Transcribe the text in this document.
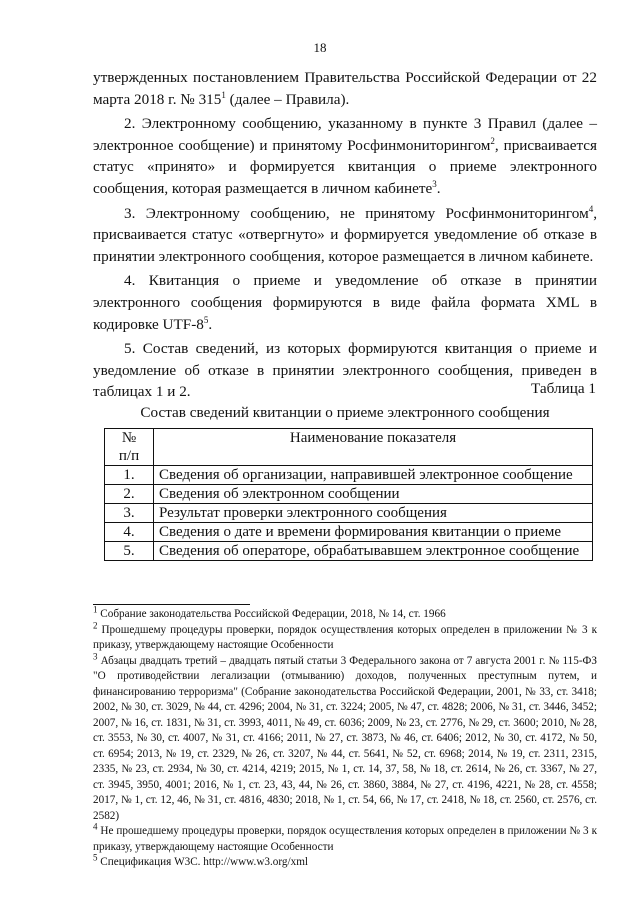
18

утвержденных постановлением Правительства Российской Федерации от 22 марта 2018 г. № $315^1$ (далее – Правила).

2. Электронному сообщению, указанному в пункте 3 Правил (далее – электронное сообщение) и принятому Росфинмониторингом$^2$, присваивается статус «принято» и формируется квитанция о приеме электронного сообщения, которая размещается в личном кабинете$^3$.

3. Электронному сообщению, не принятому Росфинмониторингом$^4$, присваивается статус «отвергнуто» и формируется уведомление об отказе в принятии электронного сообщения, которое размещается в личном кабинете.

4. Квитанция о приеме и уведомление об отказе в принятии электронного сообщения формируются в виде файла формата XML в кодировке UTF-$8^5$.

5. Состав сведений, из которых формируются квитанция о приеме и уведомление об отказе в принятии электронного сообщения, приведен в таблицах 1 и 2.	Таблица 1
Состав сведений квитанции о приеме электронного сообщения
№
п/п	Наименование показателя
1.	Сведения об организации, направившей электронное сообщение
2.	Сведения об электронном сообщении
3.	Результат проверки электронного сообщения
4.	Сведения о дате и времени формирования квитанции о приеме
5.	Сведения об операторе, обрабатывавшем электронное сообщение

$^1$ Собрание законодательства Российской Федерации, 2018, № 14, ст. 1966

$^2$ Прошедшему процедуры проверки, порядок осуществления которых определен в приложении № 3 к приказу, утверждающему настоящие Особенности

$^3$ Абзацы двадцать третий – двадцать пятый статьи 3 Федерального закона от 7 августа 2001 г. № 115-ФЗ "О противодействии легализации (отмыванию) доходов, полученных преступным путем, и финансированию терроризма" (Собрание законодательства Российской Федерации, 2001, № 33, ст. 3418; 2002, № 30, ст. 3029, № 44, ст. 4296; 2004, № 31, ст. 3224; 2005, № 47, ст. 4828; 2006, № 31, ст. 3446, 3452; 2007, № 16, ст. 1831, № 31, ст. 3993, 4011, № 49, ст. 6036; 2009, № 23, ст. 2776, № 29, ст. 3600; 2010, № 28, ст. 3553, № 30, ст. 4007, № 31, ст. 4166; 2011, № 27, ст. 3873, № 46, ст. 6406; 2012, № 30, ст. 4172, № 50, ст. 6954; 2013, № 19, ст. 2329, № 26, ст. 3207, № 44, ст. 5641, № 52, ст. 6968; 2014, № 19, ст. 2311, 2315, 2335, № 23, ст. 2934, № 30, ст. 4214, 4219; 2015, № 1, ст. 14, 37, 58, № 18, ст. 2614, № 26, ст. 3367, № 27, ст. 3945, 3950, 4001; 2016, № 1, ст. 23, 43, 44, № 26, ст. 3860, 3884, № 27, ст. 4196, 4221, № 28, ст. 4558; 2017, № 1, ст. 12, 46, № 31, ст. 4816, 4830; 2018, № 1, ст. 54, 66, № 17, ст. 2418, № 18, ст. 2560, ст. 2576, ст. 2582)

$^4$ Не прошедшему процедуры проверки, порядок осуществления которых определен в приложении № 3 к приказу, утверждающему настоящие Особенности

$^5$ Спецификация W3C. http://www.w3.org/xml
